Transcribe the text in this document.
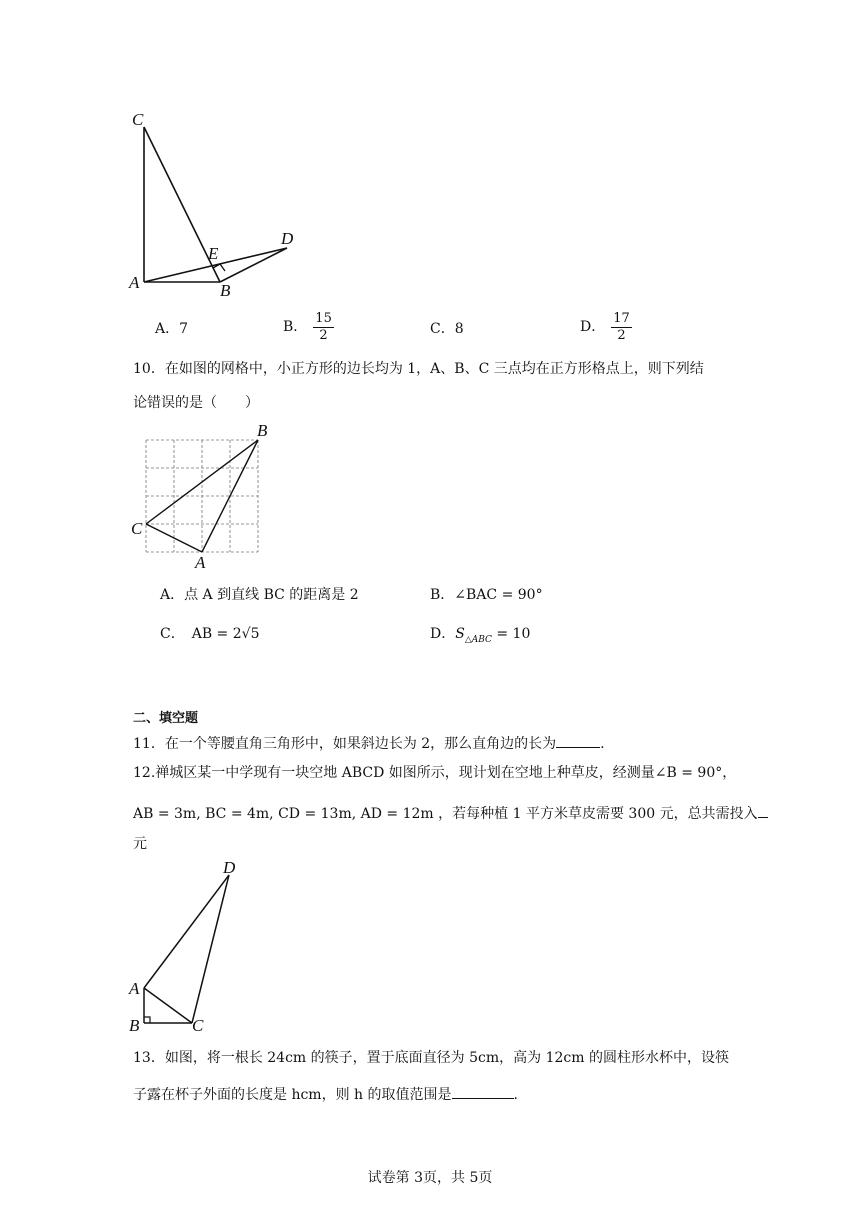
C
A	B
D
E
A． 7	B． $\frac{15}{2}$	C． 8	D． $\frac{17}{2}$
10．在如图的网格中，小正方形的边长均为 1，A、B、C 三点均在正方形格点上，则下列结
论错误的是（　　）
B
C
A
A．点 A 到直线 BC 的距离是 2	B．∠BAC = 90°
C．　AB = 2√5	D．$S_{\triangle ABC} = 10$
二、填空题
11．在一个等腰直角三角形中，如果斜边长为 2，那么直角边的长为	.
12.禅城区某一中学现有一块空地 ABCD 如图所示，现计划在空地上种草皮，经测量∠B = 90°，
AB = 3m, BC = 4m, CD = 13m, AD = 12m ，若每种植 1 平方米草皮需要 300 元，总共需投入
元
D
A
B	C
13．如图，将一根长 24cm 的筷子，置于底面直径为 5cm，高为 12cm 的圆柱形水杯中，设筷
子露在杯子外面的长度是 hcm，则 h 的取值范围是	.
试卷第 3页，共 5页
